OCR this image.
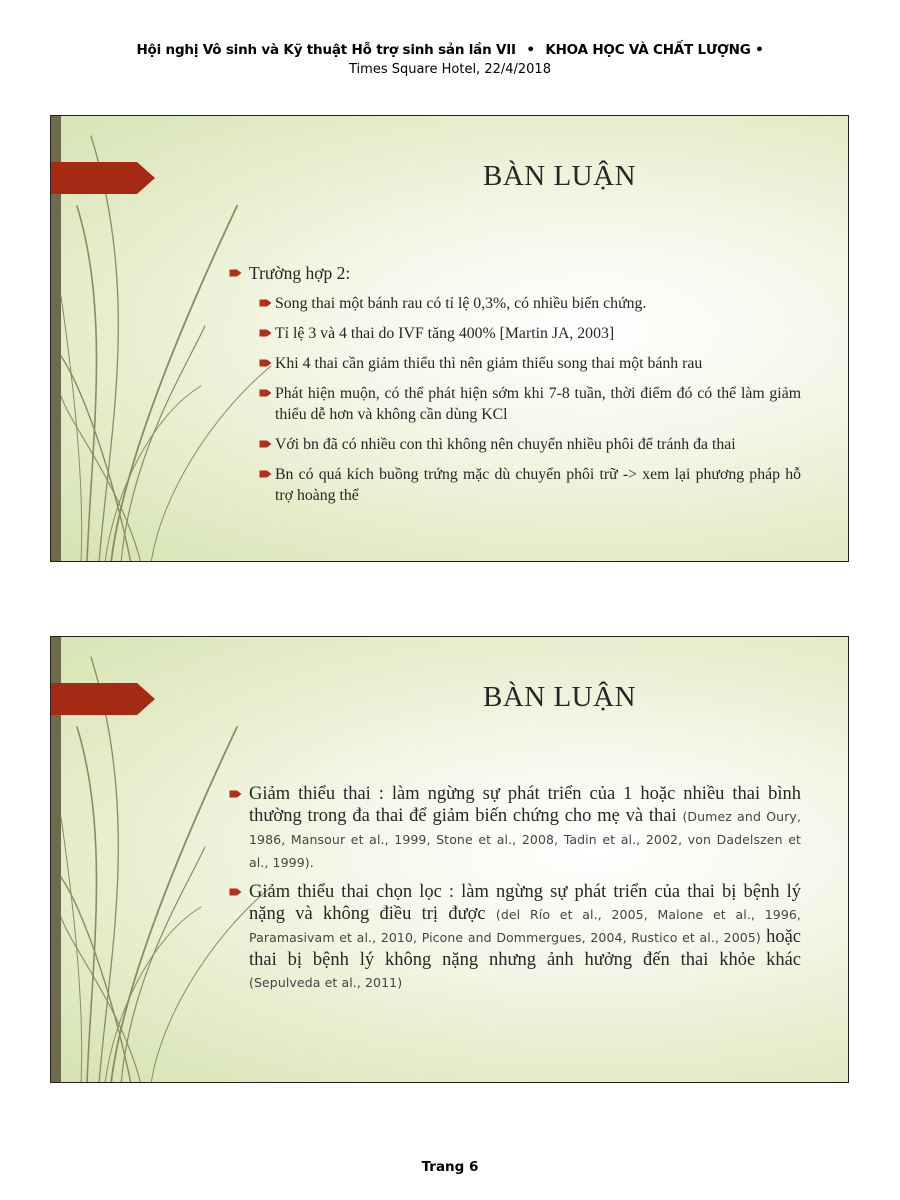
Hội nghị Vô sinh và Kỹ thuật Hỗ trợ sinh sản lần VII • KHOA HỌC VÀ CHẤT LƯỢNG •
Times Square Hotel, 22/4/2018
BÀN LUẬN
Trường hợp 2:
Song thai một bánh rau có tỉ lệ 0,3%, có nhiều biến chứng.
Tỉ lệ 3 và 4 thai do IVF tăng 400% [Martin JA, 2003]
Khi 4 thai cần giảm thiểu thì nên giảm thiểu song thai một bánh rau
Phát hiện muộn, có thể phát hiện sớm khi 7-8 tuần, thời điểm đó có thể làm giảm thiểu dễ hơn và không cần dùng KCl
Với bn đã có nhiều con thì không nên chuyển nhiều phôi để tránh đa thai
Bn có quá kích buồng trứng mặc dù chuyển phôi trữ -> xem lại phương pháp hỗ trợ hoàng thể
BÀN LUẬN
Giảm thiểu thai : làm ngừng sự phát triển của 1 hoặc nhiều thai bình thường trong đa thai để giảm biến chứng cho mẹ và thai (Dumez and Oury, 1986, Mansour et al., 1999, Stone et al., 2008, Tadin et al., 2002, von Dadelszen et al., 1999).
Giảm thiểu thai chọn lọc : làm ngừng sự phát triển của thai bị bệnh lý nặng và không điều trị được (del Río et al., 2005, Malone et al., 1996, Paramasivam et al., 2010, Picone and Dommergues, 2004, Rustico et al., 2005) hoặc thai bị bệnh lý không nặng nhưng ảnh hưởng đến thai khỏe khác (Sepulveda et al., 2011)
Trang 6
